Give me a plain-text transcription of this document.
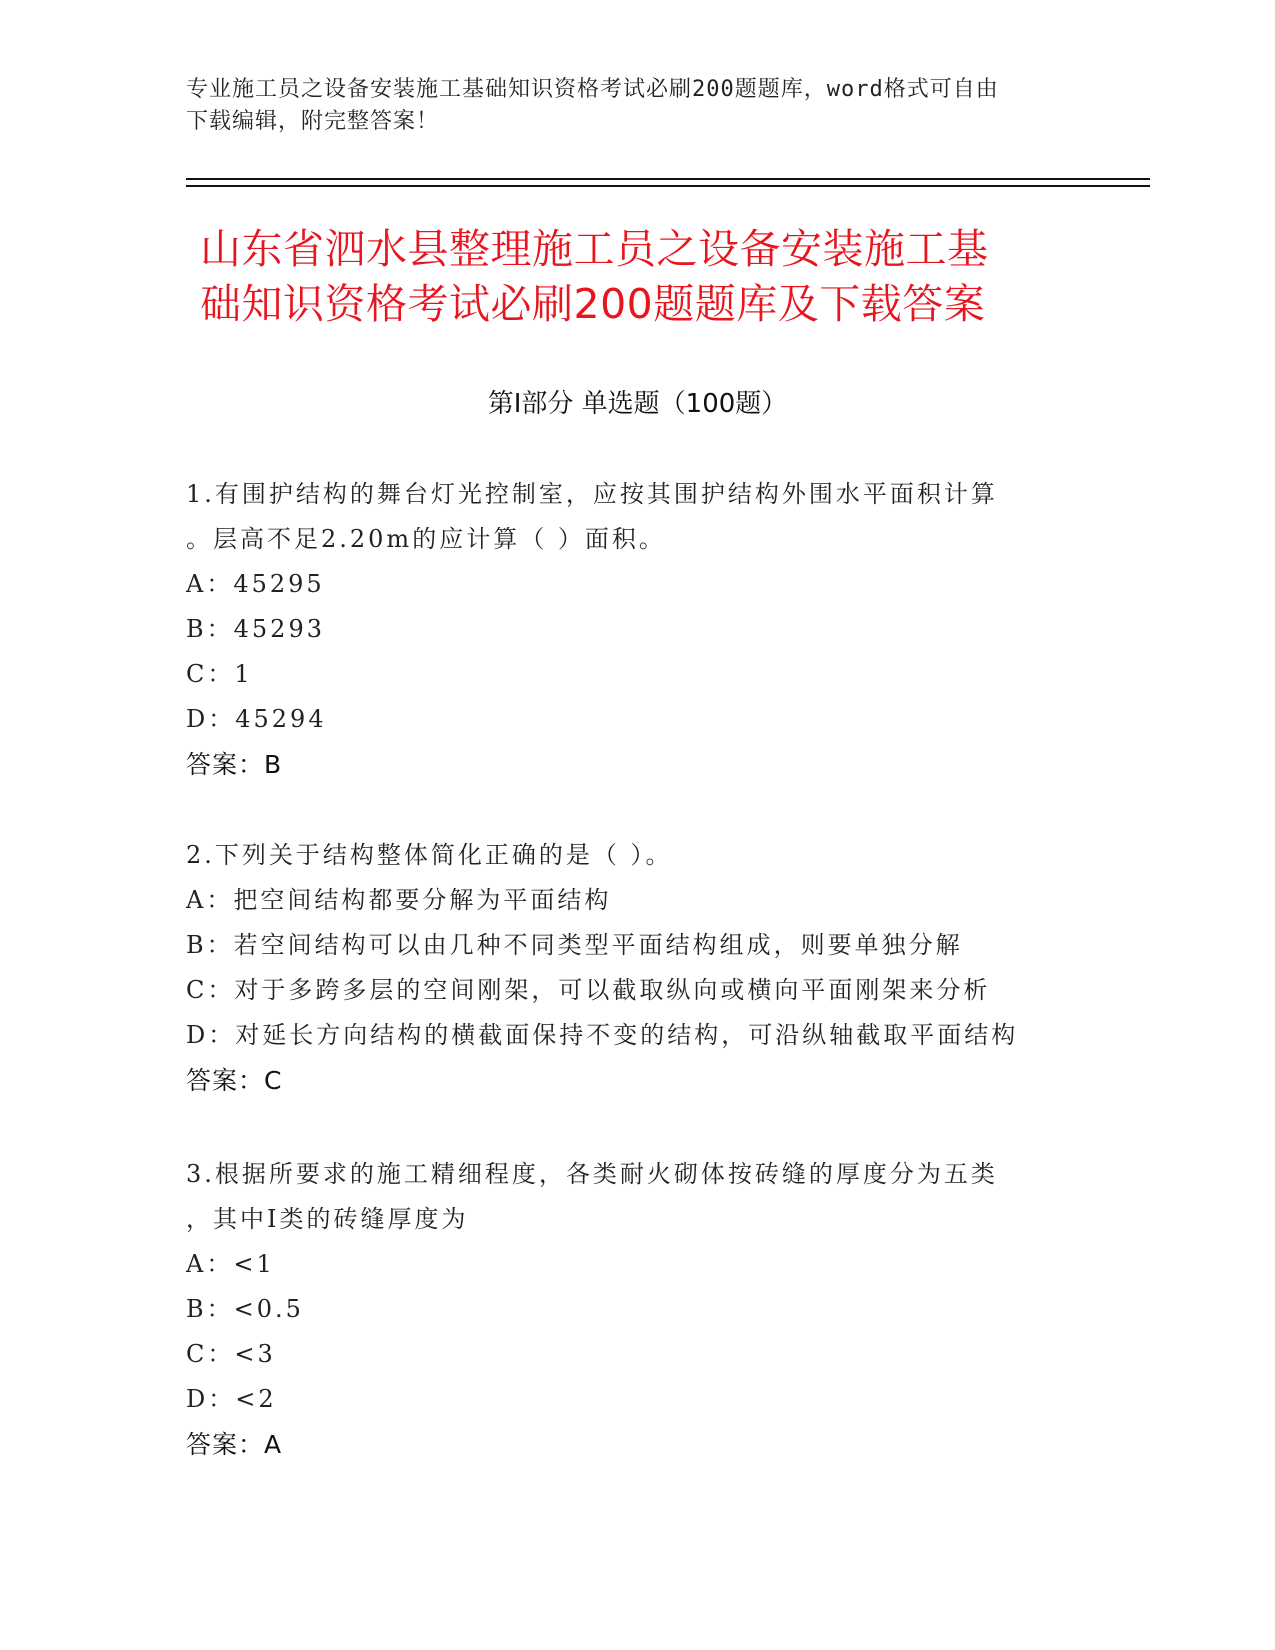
专业施工员之设备安装施工基础知识资格考试必刷200题题库，word格式可自由
下载编辑，附完整答案！
山东省泗水县整理施工员之设备安装施工基
础知识资格考试必刷200题题库及下载答案
第Ⅰ部分 单选题（100题）
1.有围护结构的舞台灯光控制室，应按其围护结构外围水平面积计算
。层高不足2.20m的应计算（ ）面积。
A：45295
B：45293
C：1
D：45294
答案：B
2.下列关于结构整体简化正确的是（ ）。
A：把空间结构都要分解为平面结构
B：若空间结构可以由几种不同类型平面结构组成，则要单独分解
C：对于多跨多层的空间刚架，可以截取纵向或横向平面刚架来分析
D：对延长方向结构的横截面保持不变的结构，可沿纵轴截取平面结构
答案：C
3.根据所要求的施工精细程度，各类耐火砌体按砖缝的厚度分为五类
，其中Ⅰ类的砖缝厚度为
A：<1
B：<0.5
C：<3
D：<2
答案：A
